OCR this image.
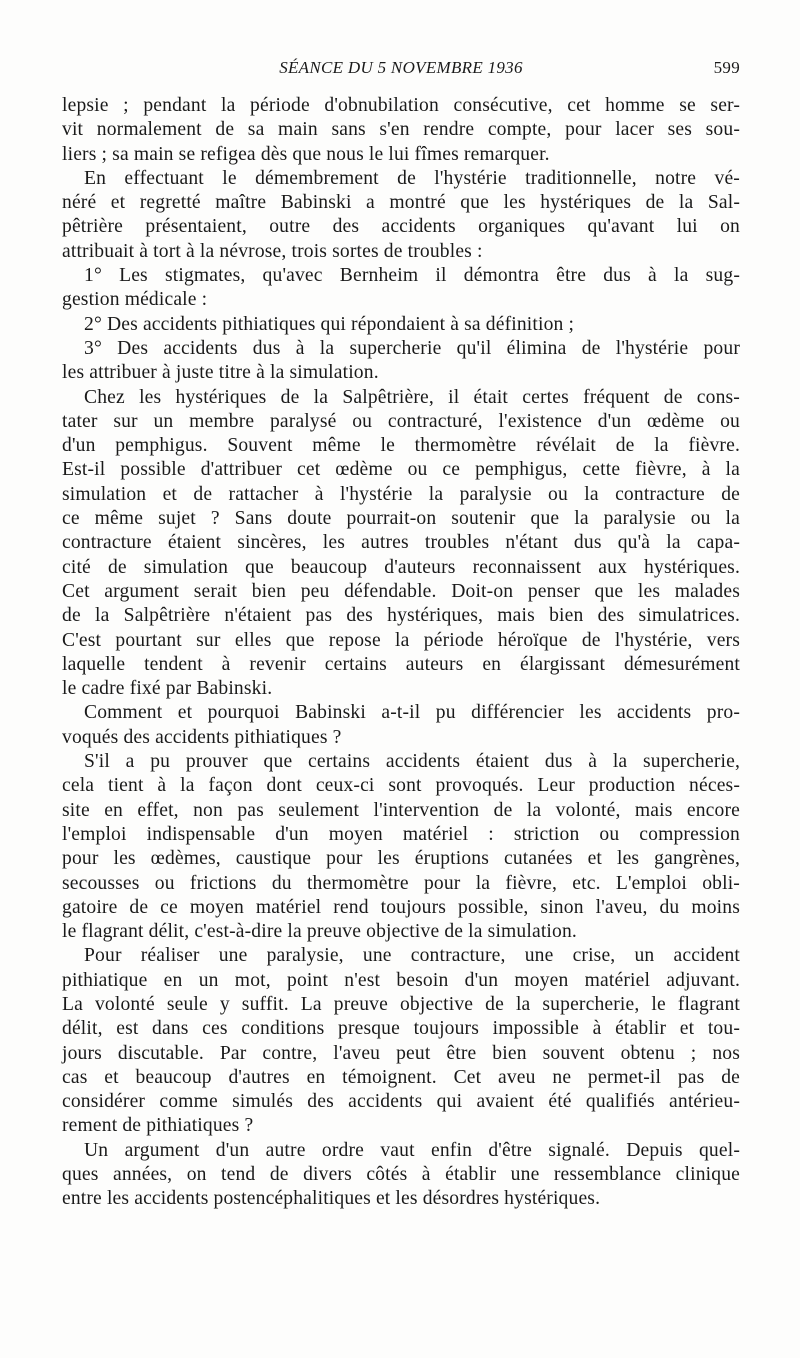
SÉANCE DU 5 NOVEMBRE 1936	599

lepsie ; pendant la période d'obnubilation consécutive, cet homme se ser-
vit normalement de sa main sans s'en rendre compte, pour lacer ses sou-
liers ; sa main se refigea dès que nous le lui fîmes remarquer.

En effectuant le démembrement de l'hystérie traditionnelle, notre vé-
néré et regretté maître Babinski a montré que les hystériques de la Sal-
pêtrière présentaient, outre des accidents organiques qu'avant lui on
attribuait à tort à la névrose, trois sortes de troubles :

1° Les stigmates, qu'avec Bernheim il démontra être dus à la sug-
gestion médicale :

2° Des accidents pithiatiques qui répondaient à sa définition ;

3° Des accidents dus à la supercherie qu'il élimina de l'hystérie pour
les attribuer à juste titre à la simulation.

Chez les hystériques de la Salpêtrière, il était certes fréquent de cons-
tater sur un membre paralysé ou contracturé, l'existence d'un œdème ou
d'un pemphigus. Souvent même le thermomètre révélait de la fièvre.
Est-il possible d'attribuer cet œdème ou ce pemphigus, cette fièvre, à la
simulation et de rattacher à l'hystérie la paralysie ou la contracture de
ce même sujet ? Sans doute pourrait-on soutenir que la paralysie ou la
contracture étaient sincères, les autres troubles n'étant dus qu'à la capa-
cité de simulation que beaucoup d'auteurs reconnaissent aux hystériques.
Cet argument serait bien peu défendable. Doit-on penser que les malades
de la Salpêtrière n'étaient pas des hystériques, mais bien des simulatrices.
C'est pourtant sur elles que repose la période héroïque de l'hystérie, vers
laquelle tendent à revenir certains auteurs en élargissant démesurément
le cadre fixé par Babinski.

Comment et pourquoi Babinski a-t-il pu différencier les accidents pro-
voqués des accidents pithiatiques ?

S'il a pu prouver que certains accidents étaient dus à la supercherie,
cela tient à la façon dont ceux-ci sont provoqués. Leur production néces-
site en effet, non pas seulement l'intervention de la volonté, mais encore
l'emploi indispensable d'un moyen matériel : striction ou compression
pour les œdèmes, caustique pour les éruptions cutanées et les gangrènes,
secousses ou frictions du thermomètre pour la fièvre, etc. L'emploi obli-
gatoire de ce moyen matériel rend toujours possible, sinon l'aveu, du moins
le flagrant délit, c'est-à-dire la preuve objective de la simulation.

Pour réaliser une paralysie, une contracture, une crise, un accident
pithiatique en un mot, point n'est besoin d'un moyen matériel adjuvant.
La volonté seule y suffit. La preuve objective de la supercherie, le flagrant
délit, est dans ces conditions presque toujours impossible à établir et tou-
jours discutable. Par contre, l'aveu peut être bien souvent obtenu ; nos
cas et beaucoup d'autres en témoignent. Cet aveu ne permet-il pas de
considérer comme simulés des accidents qui avaient été qualifiés antérieu-
rement de pithiatiques ?

Un argument d'un autre ordre vaut enfin d'être signalé. Depuis quel-
ques années, on tend de divers côtés à établir une ressemblance clinique
entre les accidents postencéphalitiques et les désordres hystériques.
